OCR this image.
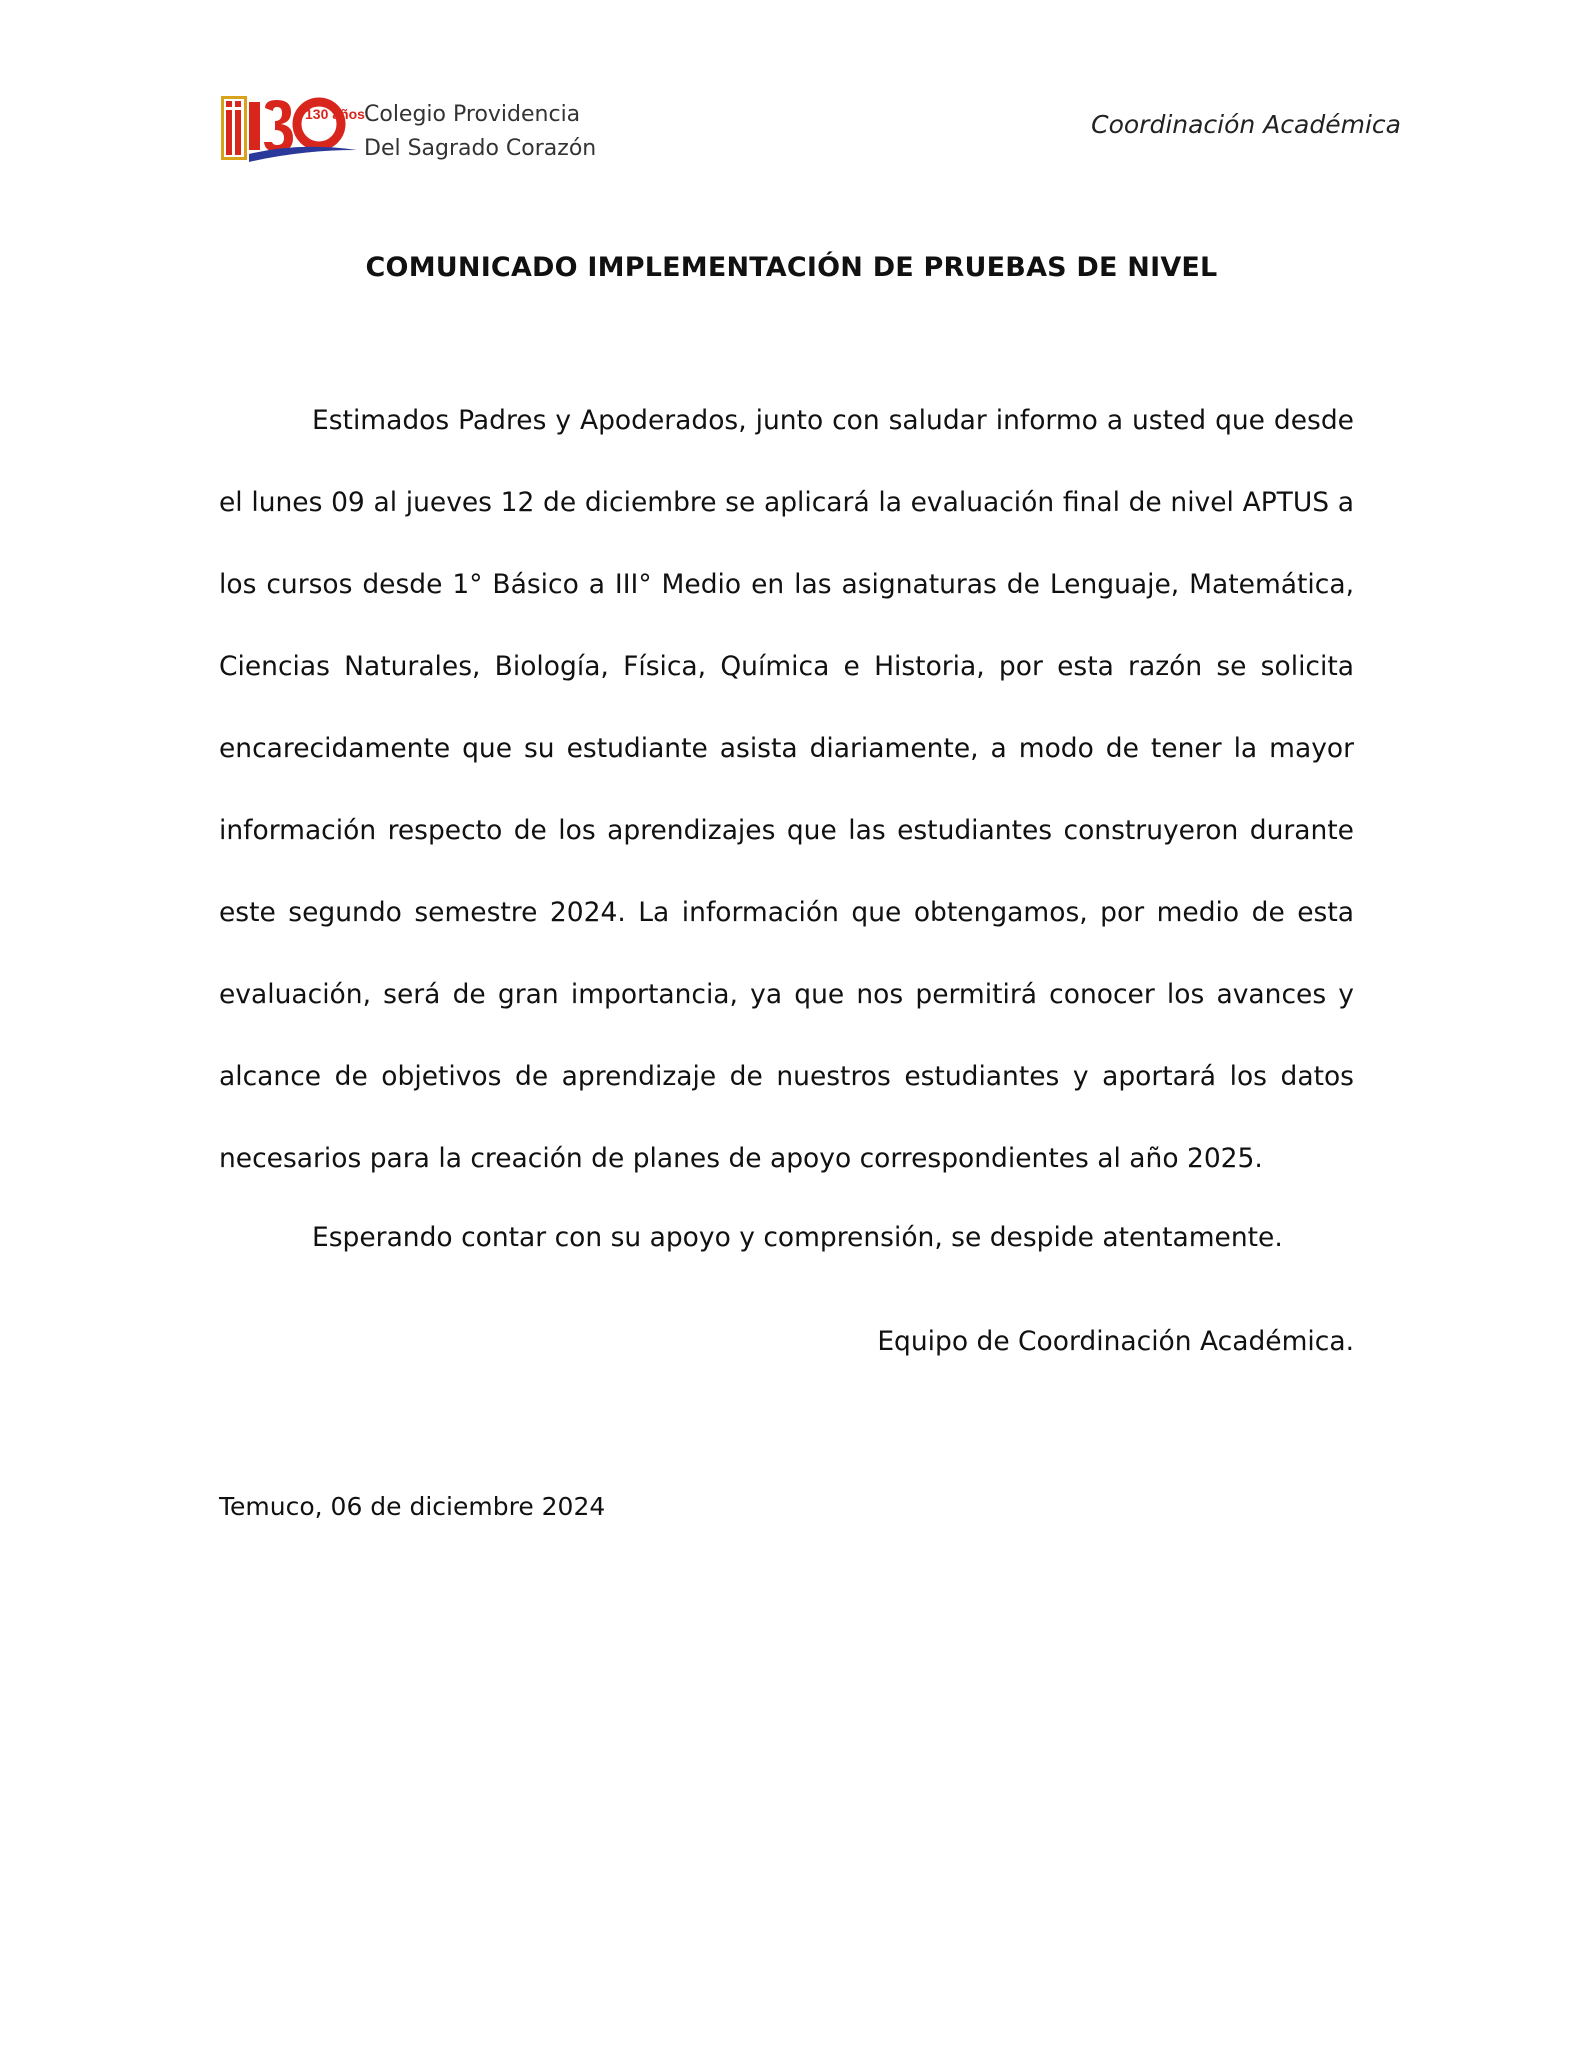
130 años Colegio Providencia
Del Sagrado Corazón
Coordinación Académica
COMUNICADO IMPLEMENTACIÓN DE PRUEBAS DE NIVEL

Estimados Padres y Apoderados, junto con saludar informo a usted que desde el lunes 09 al jueves 12 de diciembre se aplicará la evaluación final de nivel APTUS a los cursos desde 1° Básico a III° Medio en las asignaturas de Lenguaje, Matemática, Ciencias Naturales, Biología, Física, Química e Historia, por esta razón se solicita encarecidamente que su estudiante asista diariamente, a modo de tener la mayor información respecto de los aprendizajes que las estudiantes construyeron durante este segundo semestre 2024. La información que obtengamos, por medio de esta evaluación, será de gran importancia, ya que nos permitirá conocer los avances y alcance de objetivos de aprendizaje de nuestros estudiantes y aportará los datos necesarios para la creación de planes de apoyo correspondientes al año 2025.

Esperando contar con su apoyo y comprensión, se despide atentamente.
Equipo de Coordinación Académica.
Temuco, 06 de diciembre 2024
